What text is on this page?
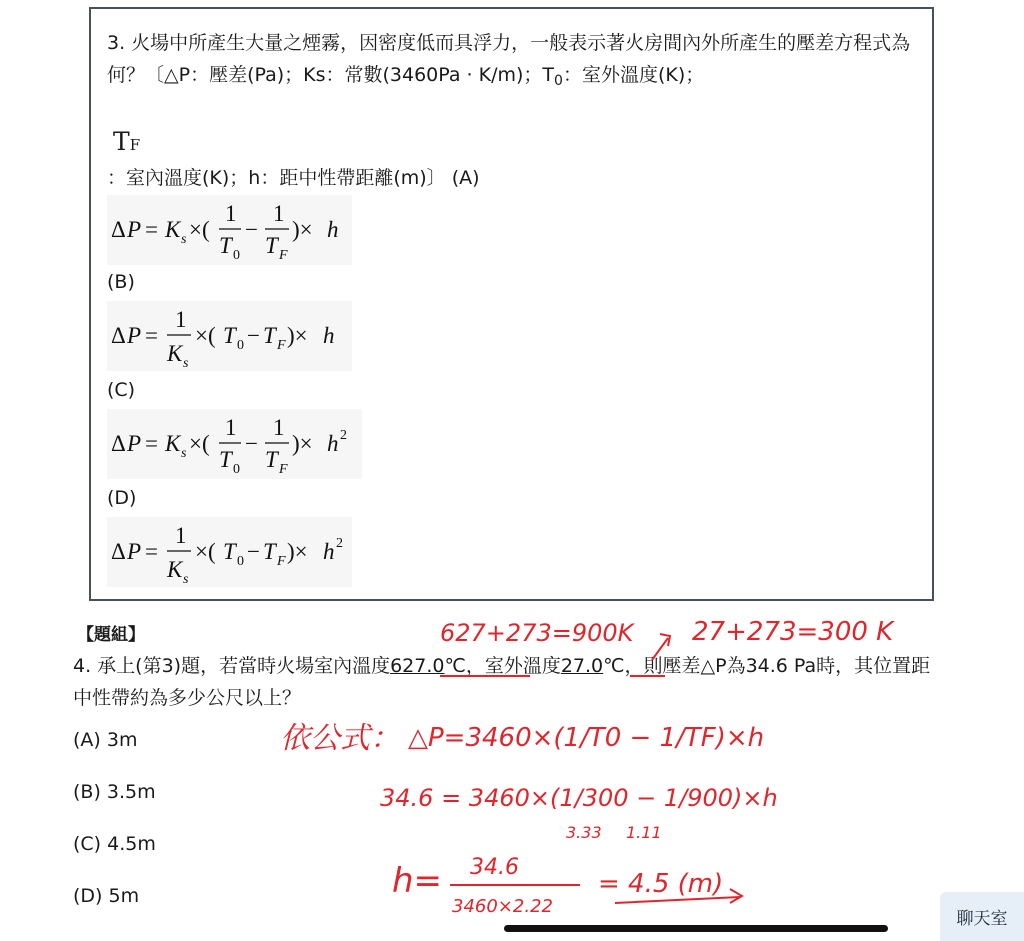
3. 火場中所產生大量之煙霧，因密度低而具浮力，一般表示著火房間內外所產生的壓差方程式為何？〔△P：壓差(Pa)；Ks：常數(3460Pa · K/m)；$T_0$：室外溫度(K)；
TF
：室內溫度(K)；h：距中性帶距離(m)〕 (A)
Δ P = K s ×(
1
T 0
−
1
T F
)× h
(B)
Δ P =
1
K s
×( T 0 − T F )× h
(C)
Δ P = K s ×(
1
T 0
−
1
T F
)× h 2
(D)
Δ P =
1
K s
×( T 0 − T F )× h 2
【題組】
4. 承上(第3)題，若當時火場室內溫度627.0℃，室外溫度27.0℃，則壓差△P為34.6 Pa時，其位置距中性帶約為多少公尺以上？
(A) 3m
(B) 3.5m
(C) 4.5m
(D) 5m
627+273=900K 27+273=300 K
依公式： △P=3460×(1/T0 − 1/TF)×h
34.6 = 3460×(1/300 − 1/900)×h
3.33 1.11
h= 34.6
3460×2.22
= 4.5 (m)
聊天室
